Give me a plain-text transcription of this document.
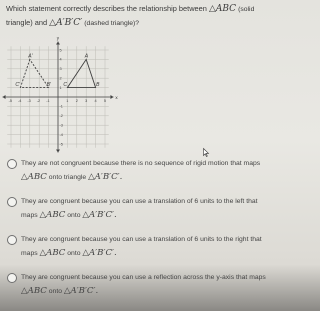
Which statement correctly describes the relationship between △ABC (solid
triangle) and △A′B′C′ (dashed triangle)?
x
y
-5 -4 -3 -2 -1	1 2 3 4 5
5
4
3
2
1
-1
-2
-3
-4
-5
A
B
C
A′
C′	B′
They are not congruent because there is no sequence of rigid motion that maps
△ABC onto triangle △A′B′C′.
They are congruent because you can use a translation of 6 units to the left that
maps △ABC onto △A′B′C′.
They are congruent because you can use a translation of 6 units to the right that
maps △ABC onto △A′B′C′.
They are congruent because you can use a reflection across the y-axis that maps
△ABC onto △A′B′C′.
